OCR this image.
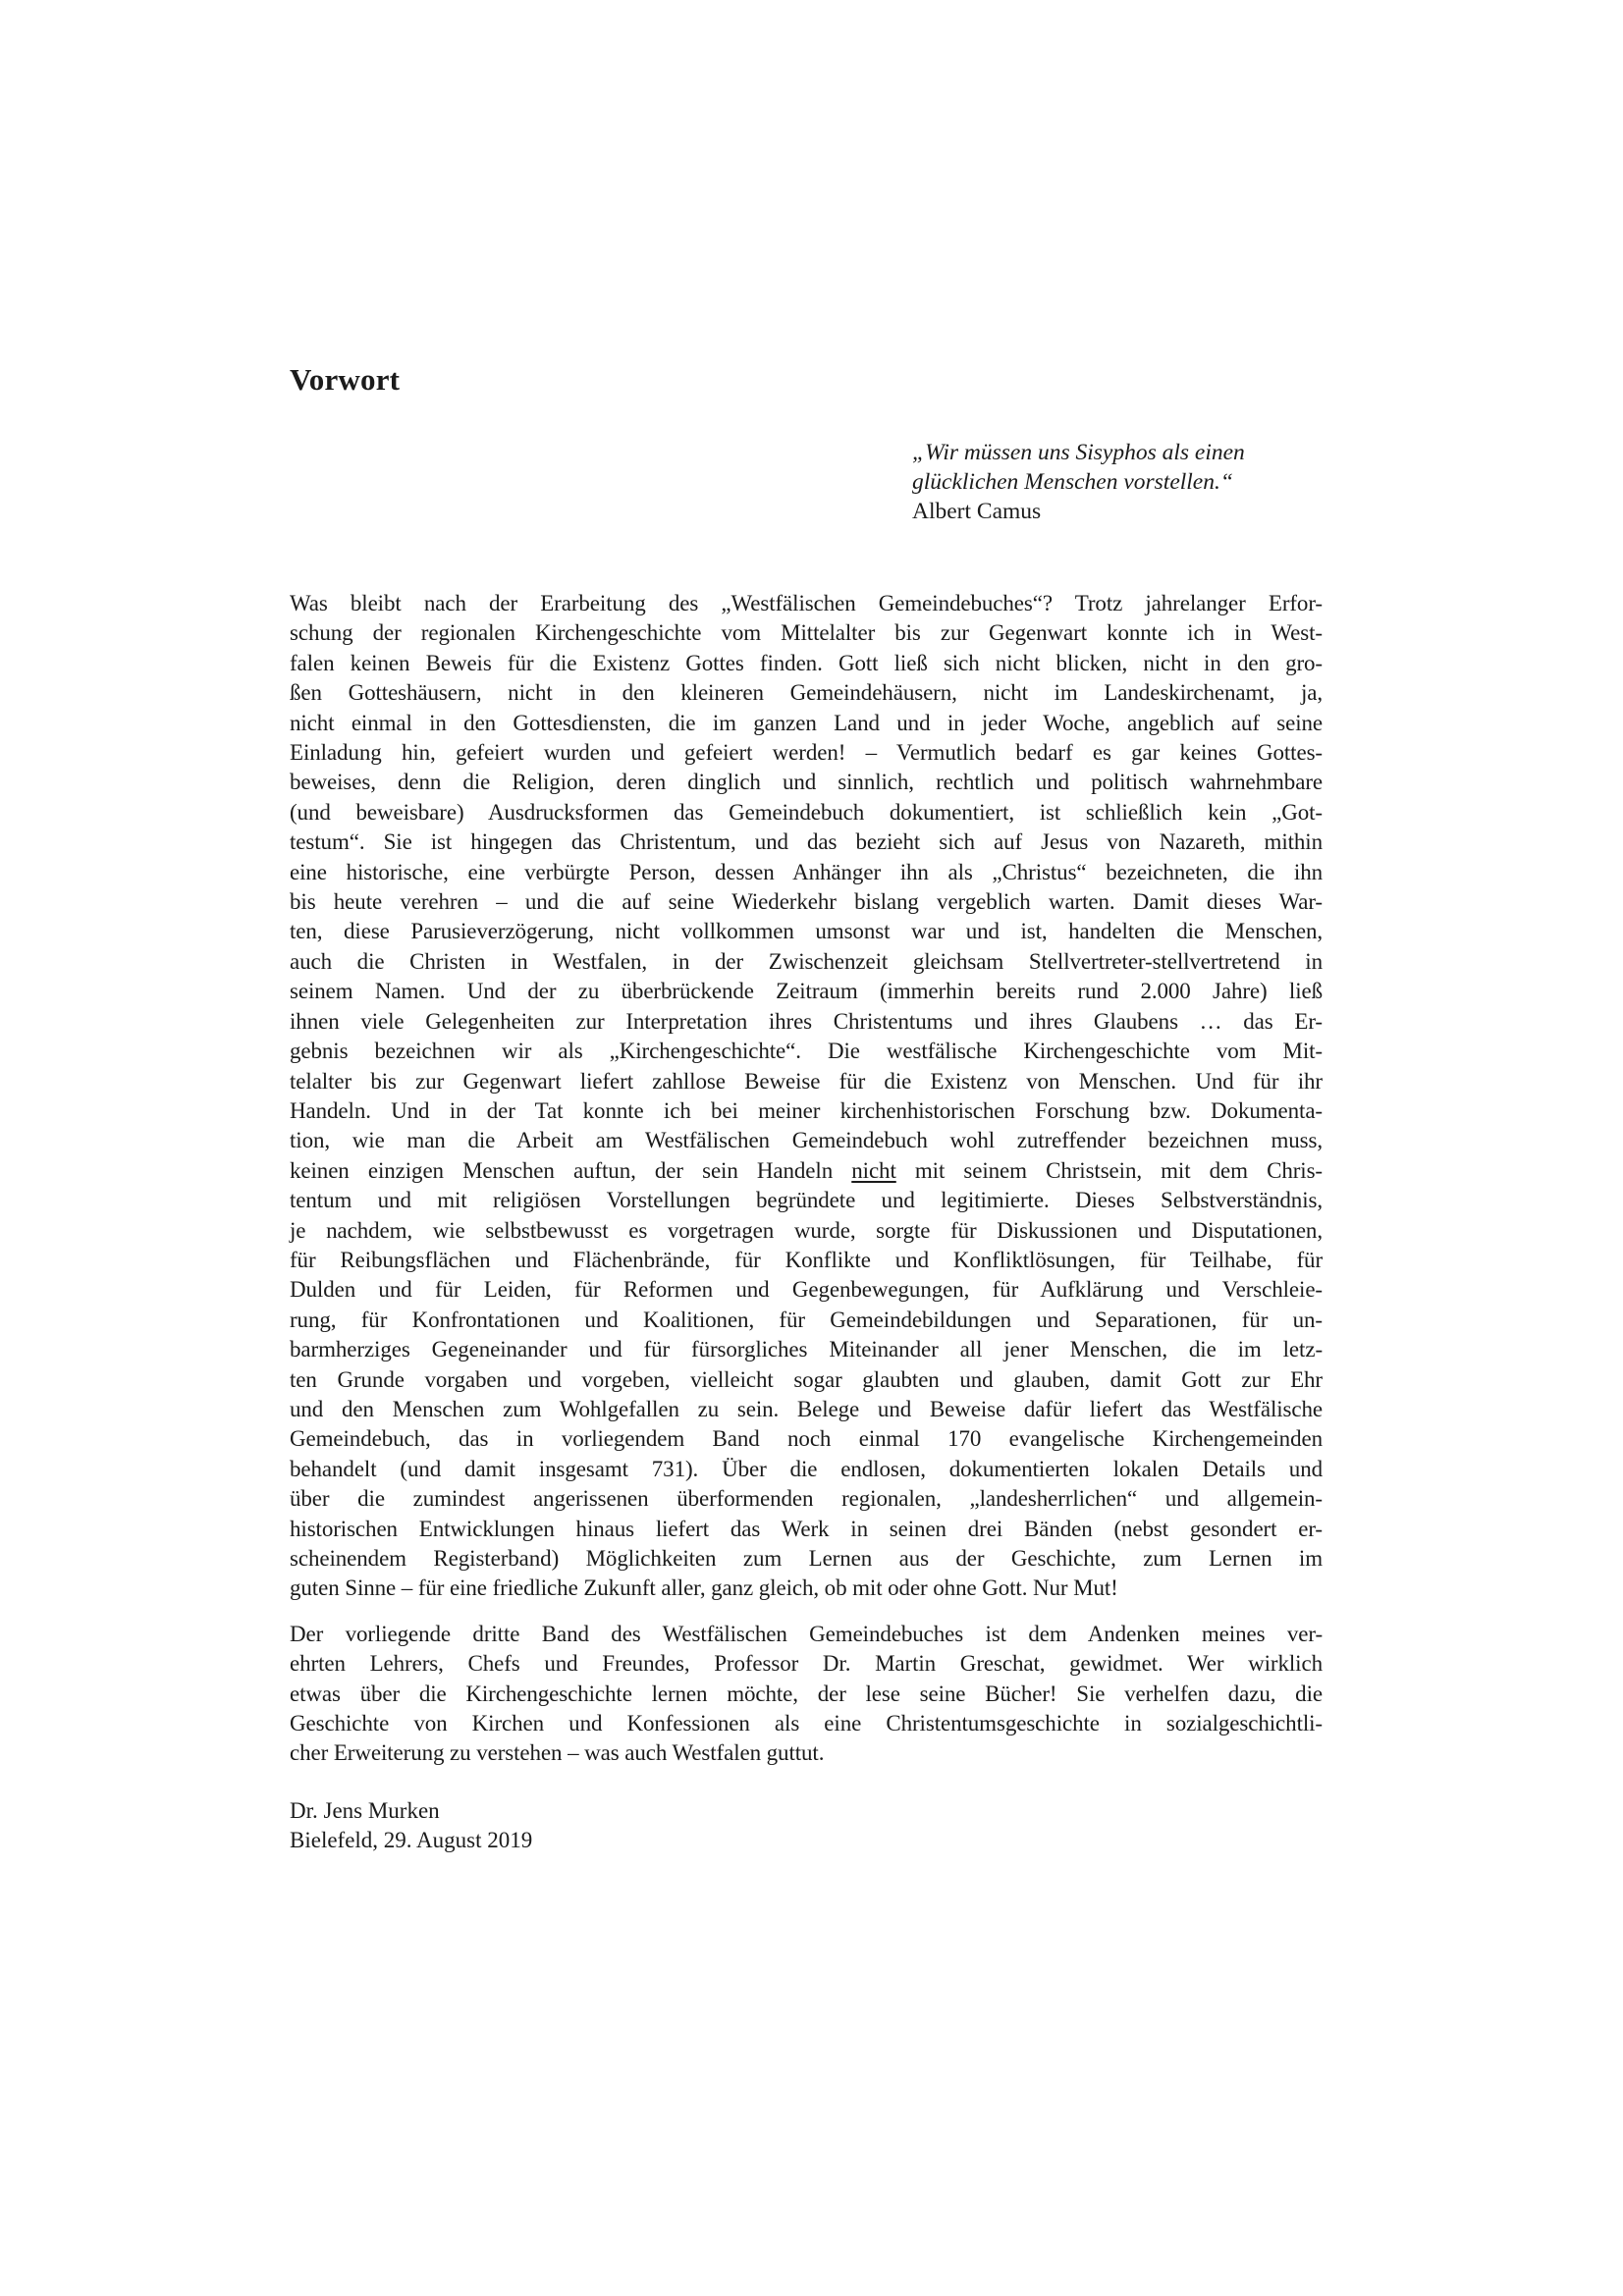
Vorwort
„Wir müssen uns Sisyphos als einen
glücklichen Menschen vorstellen.“
Albert Camus
Was bleibt nach der Erarbeitung des „Westfälischen Gemeindebuches“? Trotz jahrelanger Erfor-
schung der regionalen Kirchengeschichte vom Mittelalter bis zur Gegenwart konnte ich in West-
falen keinen Beweis für die Existenz Gottes finden. Gott ließ sich nicht blicken, nicht in den gro-
ßen Gotteshäusern, nicht in den kleineren Gemeindehäusern, nicht im Landeskirchenamt, ja,
nicht einmal in den Gottesdiensten, die im ganzen Land und in jeder Woche, angeblich auf seine
Einladung hin, gefeiert wurden und gefeiert werden! – Vermutlich bedarf es gar keines Gottes-
beweises, denn die Religion, deren dinglich und sinnlich, rechtlich und politisch wahrnehmbare
(und beweisbare) Ausdrucksformen das Gemeindebuch dokumentiert, ist schließlich kein „Got-
testum“. Sie ist hingegen das Christentum, und das bezieht sich auf Jesus von Nazareth, mithin
eine historische, eine verbürgte Person, dessen Anhänger ihn als „Christus“ bezeichneten, die ihn
bis heute verehren – und die auf seine Wiederkehr bislang vergeblich warten. Damit dieses War-
ten, diese Parusieverzögerung, nicht vollkommen umsonst war und ist, handelten die Menschen,
auch die Christen in Westfalen, in der Zwischenzeit gleichsam Stellvertreter-stellvertretend in
seinem Namen. Und der zu überbrückende Zeitraum (immerhin bereits rund 2.000 Jahre) ließ
ihnen viele Gelegenheiten zur Interpretation ihres Christentums und ihres Glaubens … das Er-
gebnis bezeichnen wir als „Kirchengeschichte“. Die westfälische Kirchengeschichte vom Mit-
telalter bis zur Gegenwart liefert zahllose Beweise für die Existenz von Menschen. Und für ihr
Handeln. Und in der Tat konnte ich bei meiner kirchenhistorischen Forschung bzw. Dokumenta-
tion, wie man die Arbeit am Westfälischen Gemeindebuch wohl zutreffender bezeichnen muss,
keinen einzigen Menschen auftun, der sein Handeln nicht mit seinem Christsein, mit dem Chris-
tentum und mit religiösen Vorstellungen begründete und legitimierte. Dieses Selbstverständnis,
je nachdem, wie selbstbewusst es vorgetragen wurde, sorgte für Diskussionen und Disputationen,
für Reibungsflächen und Flächenbrände, für Konflikte und Konfliktlösungen, für Teilhabe, für
Dulden und für Leiden, für Reformen und Gegenbewegungen, für Aufklärung und Verschleie-
rung, für Konfrontationen und Koalitionen, für Gemeindebildungen und Separationen, für un-
barmherziges Gegeneinander und für fürsorgliches Miteinander all jener Menschen, die im letz-
ten Grunde vorgaben und vorgeben, vielleicht sogar glaubten und glauben, damit Gott zur Ehr
und den Menschen zum Wohlgefallen zu sein. Belege und Beweise dafür liefert das Westfälische
Gemeindebuch, das in vorliegendem Band noch einmal 170 evangelische Kirchengemeinden
behandelt (und damit insgesamt 731). Über die endlosen, dokumentierten lokalen Details und
über die zumindest angerissenen überformenden regionalen, „landesherrlichen“ und allgemein-
historischen Entwicklungen hinaus liefert das Werk in seinen drei Bänden (nebst gesondert er-
scheinendem Registerband) Möglichkeiten zum Lernen aus der Geschichte, zum Lernen im
guten Sinne – für eine friedliche Zukunft aller, ganz gleich, ob mit oder ohne Gott. Nur Mut!
Der vorliegende dritte Band des Westfälischen Gemeindebuches ist dem Andenken meines ver-
ehrten Lehrers, Chefs und Freundes, Professor Dr. Martin Greschat, gewidmet. Wer wirklich
etwas über die Kirchengeschichte lernen möchte, der lese seine Bücher! Sie verhelfen dazu, die
Geschichte von Kirchen und Konfessionen als eine Christentumsgeschichte in sozialgeschichtli-
cher Erweiterung zu verstehen – was auch Westfalen guttut.
Dr. Jens Murken
Bielefeld, 29. August 2019
